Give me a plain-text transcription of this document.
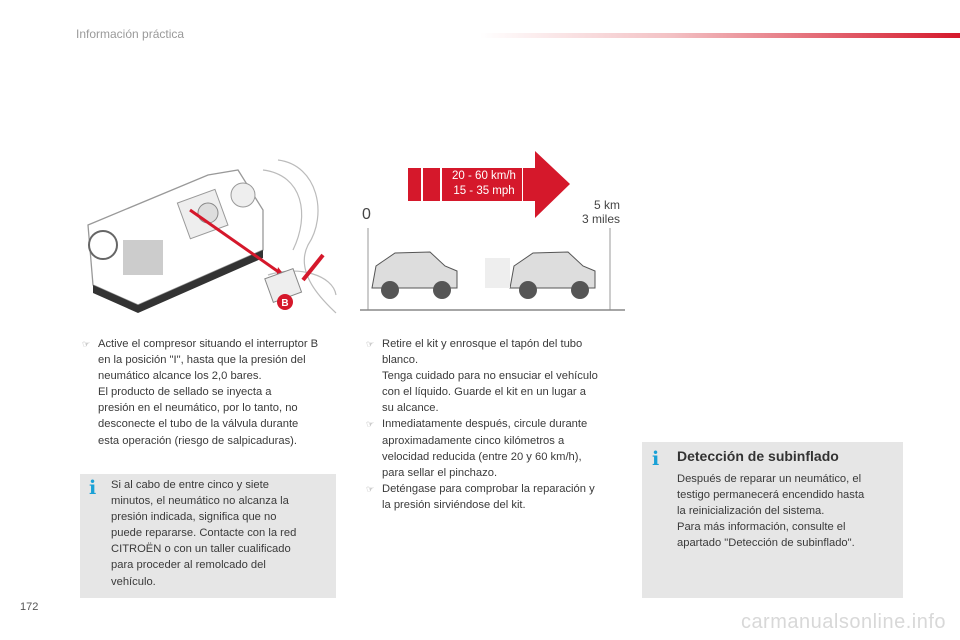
Información práctica
B
20 - 60 km/h
15 - 35 mph
0
5 km
3 miles
☞ Active el compresor situando el interruptor B
en la posición "I", hasta que la presión del
neumático alcance los 2,0 bares.
El producto de sellado se inyecta a
presión en el neumático, por lo tanto, no
desconecte el tubo de la válvula durante
esta operación (riesgo de salpicaduras).
i Si al cabo de entre cinco y siete
minutos, el neumático no alcanza la
presión indicada, significa que no
puede repararse. Contacte con la red
CITROËN o con un taller cualificado
para proceder al remolcado del
vehículo.
☞ Retire el kit y enrosque el tapón del tubo
blanco.
Tenga cuidado para no ensuciar el vehículo
con el líquido. Guarde el kit en un lugar a
su alcance.
☞ Inmediatamente después, circule durante
aproximadamente cinco kilómetros a
velocidad reducida (entre 20 y 60 km/h),
para sellar el pinchazo.
☞ Deténgase para comprobar la reparación y
la presión sirviéndose del kit.
i Detección de subinflado
Después de reparar un neumático, el
testigo permanecerá encendido hasta
la reinicialización del sistema.
Para más información, consulte el
apartado "Detección de subinflado".
172
carmanualsonline.info
